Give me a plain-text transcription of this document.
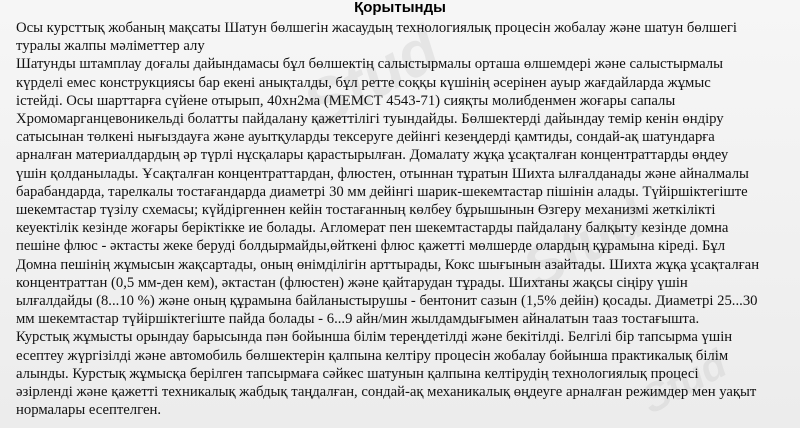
Stud
Stud
Stud
Қорытынды
Осы курсттық жобаның мақсаты Шатун бөлшегін жасаудың технологиялық процесін жобалау және шатун бөлшегі
туралы жалпы мәліметтер алу
Шатунды штамплау доғалы дайындамасы бұл бөлшектің салыстырмалы орташа өлшемдері және салыстырмалы
күрделі емес конструкциясы бар екені анықталды, бұл ретте соққы күшінің әсерінен ауыр жағдайларда жұмыс
істейді. Осы шарттарға сүйене отырып, 40хн2ма (МЕМСТ 4543-71) сияқты молибденмен жоғары сапалы
Хромомарганцевоникельді болатты пайдалану қажеттілігі туындайды. Бөлшектерді дайындау темір кенін өндіру
сатысынан төлкені нығыздауға және ауытқуларды тексеруге дейінгі кезеңдерді қамтиды, сондай-ақ шатундарға
арналған материалдардың әр түрлі нұсқалары қарастырылған. Домалату жұқа ұсақталған концентраттарды өңдеу
үшін қолданылады. Ұсақталған концентраттардан, флюстен, отыннан тұратын Шихта ылғалданады және айналмалы
барабандарда, тарелкалы тостағандарда диаметрі 30 мм дейінгі шарик-шекемтастар пішінін алады. Түйіршіктегіште
шекемтастар түзілу схемасы; күйдіргеннен кейін тостағанның көлбеу бұрышынын Өзгеру механизмі жеткілікті
кеуектілік кезінде жоғары беріктікке ие болады. Агломерат пен шекемтастарды пайдалану балқыту кезінде домна
пешіне флюс - әктасты жеке беруді болдырмайды,өйткені флюс қажетті мөлшерде олардың құрамына кіреді. Бұл
Домна пешінің жұмысын жақсартады, оның өнімділігін арттырады, Кокс шығынын азайтады. Шихта жұқа ұсақталған
концентраттан (0,5 мм-ден кем), әктастан (флюстен) және қайтарудан тұрады. Шихтаны жақсы сіңіру үшін
ылғалдайды (8...10 %) және оның құрамына байланыстырушы - бентонит сазын (1,5% дейін) қосады. Диаметрі 25...30
мм шекемтастар түйіршіктегіште пайда болады - 6...9 айн/мин жылдамдығымен айналатын тааз тостағышта.
Курстық жұмысты орындау барысында пән бойынша білім тереңдетілді және бекітілді. Белгілі бір тапсырма үшін
есептеу жүргізілді және автомобиль бөлшектерін қалпына келтіру процесін жобалау бойынша практикалық білім
алынды. Курстық жұмысқа берілген тапсырмаға сәйкес шатунын қалпына келтірудің технологиялық процесі
әзірленді және қажетті техникалық жабдық таңдалған, сондай-ақ механикалық өңдеуге арналған режимдер мен уақыт
нормалары есептелген.
